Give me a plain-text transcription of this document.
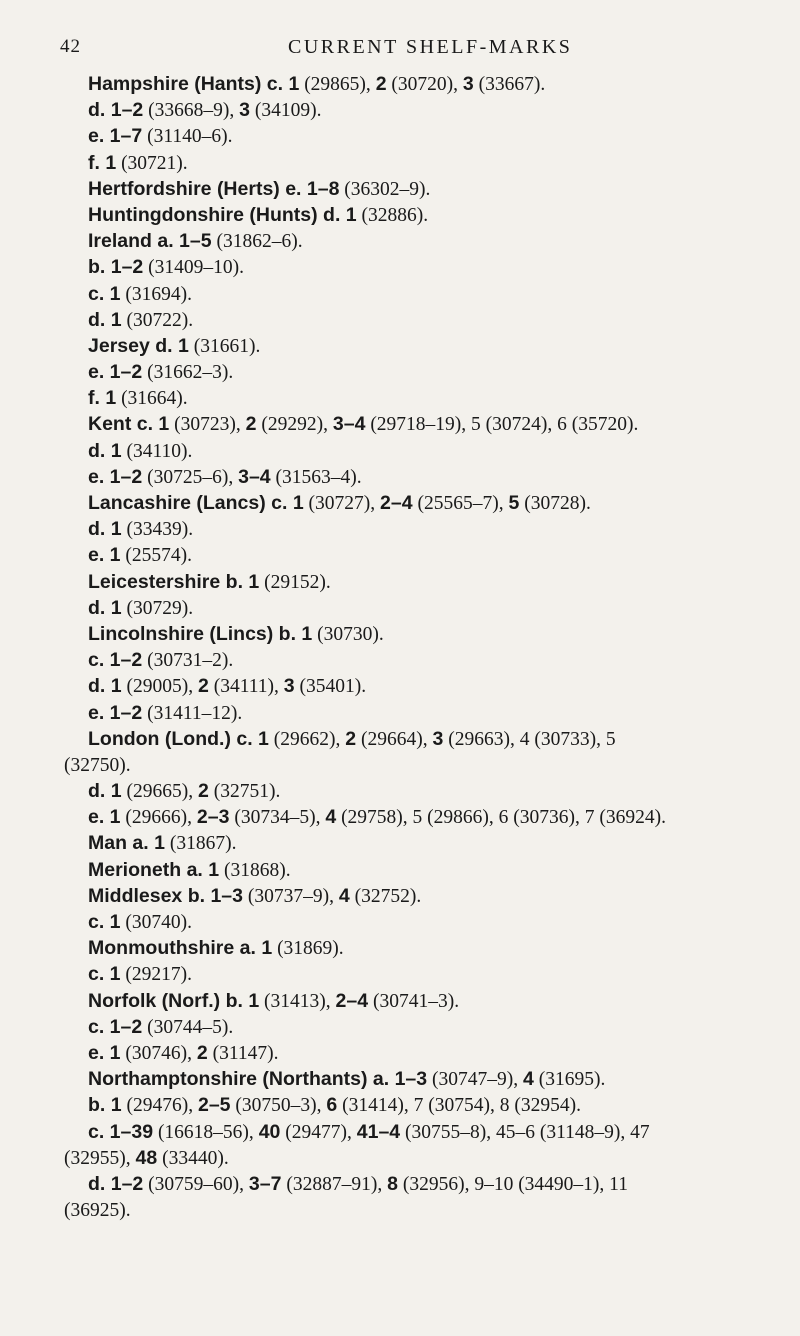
42	CURRENT SHELF-MARKS
Hampshire (Hants) c. 1 (29865), 2 (30720), 3 (33667).
d. 1–2 (33668–9), 3 (34109).
e. 1–7 (31140–6).
f. 1 (30721).
Hertfordshire (Herts) e. 1–8 (36302–9).
Huntingdonshire (Hunts) d. 1 (32886).
Ireland a. 1–5 (31862–6).
b. 1–2 (31409–10).
c. 1 (31694).
d. 1 (30722).
Jersey d. 1 (31661).
e. 1–2 (31662–3).
f. 1 (31664).
Kent c. 1 (30723), 2 (29292), 3–4 (29718–19), 5 (30724), 6 (35720).
d. 1 (34110).
e. 1–2 (30725–6), 3–4 (31563–4).
Lancashire (Lancs) c. 1 (30727), 2–4 (25565–7), 5 (30728).
d. 1 (33439).
e. 1 (25574).
Leicestershire b. 1 (29152).
d. 1 (30729).
Lincolnshire (Lincs) b. 1 (30730).
c. 1–2 (30731–2).
d. 1 (29005), 2 (34111), 3 (35401).
e. 1–2 (31411–12).
London (Lond.) c. 1 (29662), 2 (29664), 3 (29663), 4 (30733), 5
(32750).
d. 1 (29665), 2 (32751).
e. 1 (29666), 2–3 (30734–5), 4 (29758), 5 (29866), 6 (30736), 7 (36924).
Man a. 1 (31867).
Merioneth a. 1 (31868).
Middlesex b. 1–3 (30737–9), 4 (32752).
c. 1 (30740).
Monmouthshire a. 1 (31869).
c. 1 (29217).
Norfolk (Norf.) b. 1 (31413), 2–4 (30741–3).
c. 1–2 (30744–5).
e. 1 (30746), 2 (31147).
Northamptonshire (Northants) a. 1–3 (30747–9), 4 (31695).
b. 1 (29476), 2–5 (30750–3), 6 (31414), 7 (30754), 8 (32954).
c. 1–39 (16618–56), 40 (29477), 41–4 (30755–8), 45–6 (31148–9), 47
(32955), 48 (33440).
d. 1–2 (30759–60), 3–7 (32887–91), 8 (32956), 9–10 (34490–1), 11
(36925).
